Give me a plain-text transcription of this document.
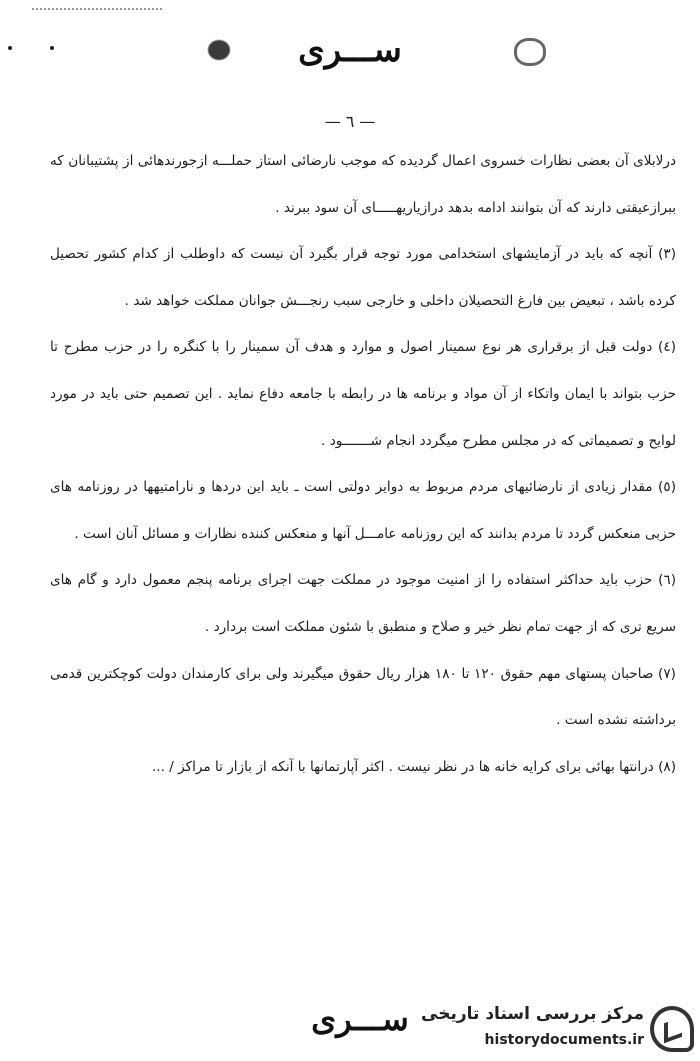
ســـری
— ٦ —

درلابلای آن بعضی نظارات خسروی اعمال گردیده که موجب نارضائی استاز حملـــه ازجورندهائی از پشتیبانان که ببرازعیقتی دارند که آن بتوانند ادامه بدهد درازیاریهـــــای آن سود ببرند .

(٣) آنچه که باید در آزمایشهای استخدامی مورد توجه قرار بگیرد آن نیست که داوطلب از کدام کشور تحصیل کرده باشد ، تبعیض بین فارغ التحصیلان داخلی و خارجی سبب رنجـــش جوانان مملکت خواهد شد .

(٤) دولت قبل از برقراری هر نوع سمینار اصول و موارد و هدف آن سمینار را با کنگره را در حزب مطرح تا حزب بتواند با ایمان واتکاء از آن مواد و برنامه ها در رابطه با جامعه دفاع نماید . این تصمیم حتی باید در مورد لوایح و تصمیماتی که در مجلس مطرح میگردد انجام شـــــــود .

(٥) مقدار زیادی از نارضائیهای مردم مربوط به دوایر دولتی است ـ باید این دردها و نارامتیهها در روزنامه های حزبی منعکس گردد تا مردم بدانند که این روزنامه عامـــل آنها و منعکس کننده نظارات و مسائل آنان است .

(٦) حزب باید حداکثر استفاده را از امنیت موجود در مملکت جهت اجرای برنامه پنجم معمول دارد و گام های سریع تری که از جهت تمام نظر خیر و صلاح و منطبق با شئون مملکت است بردارد .

(٧) صاحبان پستهای مهم حقوق ١٢٠ تا ١٨٠ هزار ریال حقوق میگیرند ولی برای کارمندان دولت کوچکترین قدمی برداشته نشده است .

(٨) درانتها بهائی برای کرایه خانه ها در نظر نیست . اکثر آپارتمانها با آنکه از بازار تا مراکز / ...

ســـری مرکز بررسی اسناد تاریخی
historydocuments.ir
